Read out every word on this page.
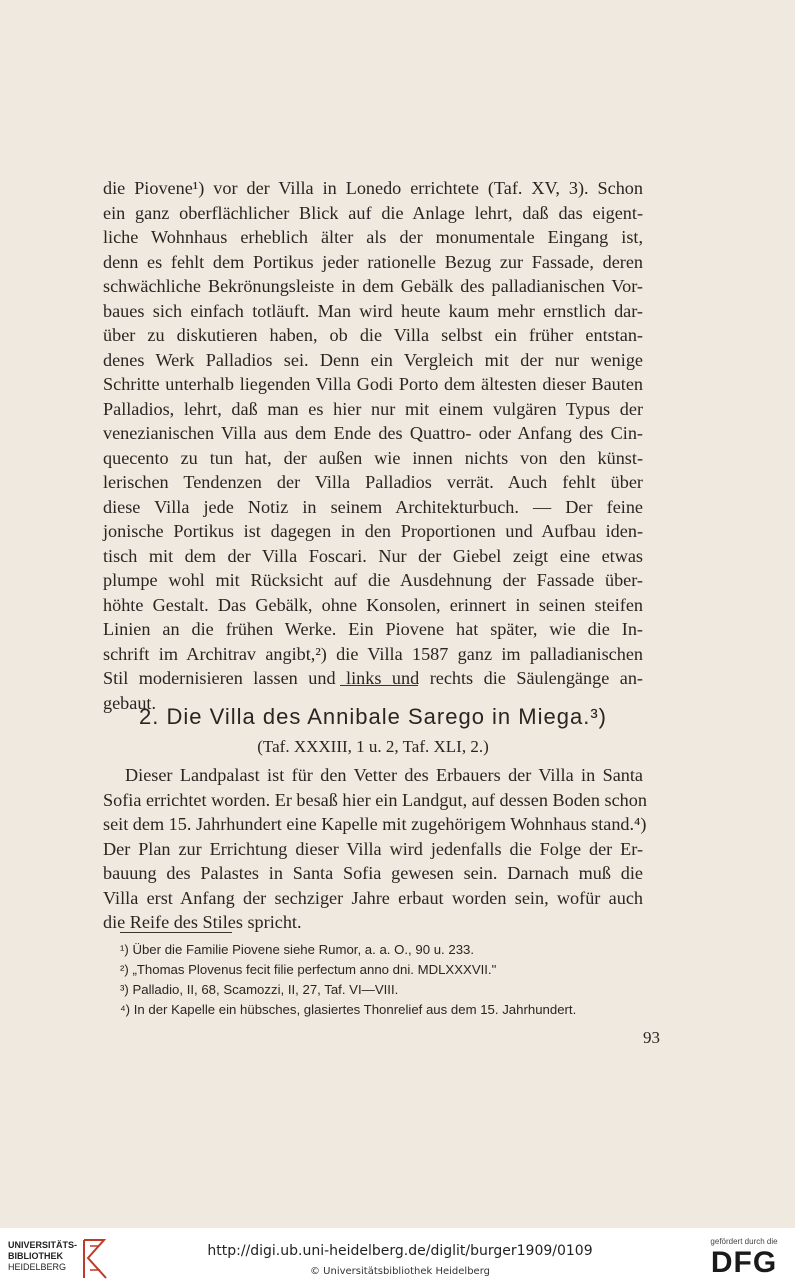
die Piovene¹) vor der Villa in Lonedo errichtete (Taf. XV, 3). Schon
ein ganz oberflächlicher Blick auf die Anlage lehrt, daß das eigent-
liche Wohnhaus erheblich älter als der monumentale Eingang ist,
denn es fehlt dem Portikus jeder rationelle Bezug zur Fassade, deren
schwächliche Bekrönungsleiste in dem Gebälk des palladianischen Vor-
baues sich einfach totläuft. Man wird heute kaum mehr ernstlich dar-
über zu diskutieren haben, ob die Villa selbst ein früher entstan-
denes Werk Palladios sei. Denn ein Vergleich mit der nur wenige
Schritte unterhalb liegenden Villa Godi Porto dem ältesten dieser Bauten
Palladios, lehrt, daß man es hier nur mit einem vulgären Typus der
venezianischen Villa aus dem Ende des Quattro- oder Anfang des Cin-
quecento zu tun hat, der außen wie innen nichts von den künst-
lerischen Tendenzen der Villa Palladios verrät. Auch fehlt über
diese Villa jede Notiz in seinem Architekturbuch. — Der feine
jonische Portikus ist dagegen in den Proportionen und Aufbau iden-
tisch mit dem der Villa Foscari. Nur der Giebel zeigt eine etwas
plumpe wohl mit Rücksicht auf die Ausdehnung der Fassade über-
höhte Gestalt. Das Gebälk, ohne Konsolen, erinnert in seinen steifen
Linien an die frühen Werke. Ein Piovene hat später, wie die In-
schrift im Architrav angibt,²) die Villa 1587 ganz im palladianischen
Stil modernisieren lassen und links und rechts die Säulengänge an-
gebaut.
2. Die Villa des Annibale Sarego in Miega.³)
(Taf. XXXIII, 1 u. 2, Taf. XLI, 2.)
Dieser Landpalast ist für den Vetter des Erbauers der Villa in Santa
Sofia errichtet worden. Er besaß hier ein Landgut, auf dessen Boden schon
seit dem 15. Jahrhundert eine Kapelle mit zugehörigem Wohnhaus stand.⁴)
Der Plan zur Errichtung dieser Villa wird jedenfalls die Folge der Er-
bauung des Palastes in Santa Sofia gewesen sein. Darnach muß die
Villa erst Anfang der sechziger Jahre erbaut worden sein, wofür auch
die Reife des Stiles spricht.
¹) Über die Familie Piovene siehe Rumor, a. a. O., 90 u. 233.
²) „Thomas Plovenus fecit filie perfectum anno dni. MDLXXXVII."
³) Palladio, II, 68, Scamozzi, II, 27, Taf. VI—VIII.
⁴) In der Kapelle ein hübsches, glasiertes Thonrelief aus dem 15. Jahrhundert.
93
UNIVERSITÄTS-
BIBLIOTHEK
HEIDELBERG
http://digi.ub.uni-heidelberg.de/diglit/burger1909/0109
© Universitätsbibliothek Heidelberg
gefördert durch die
DFG
